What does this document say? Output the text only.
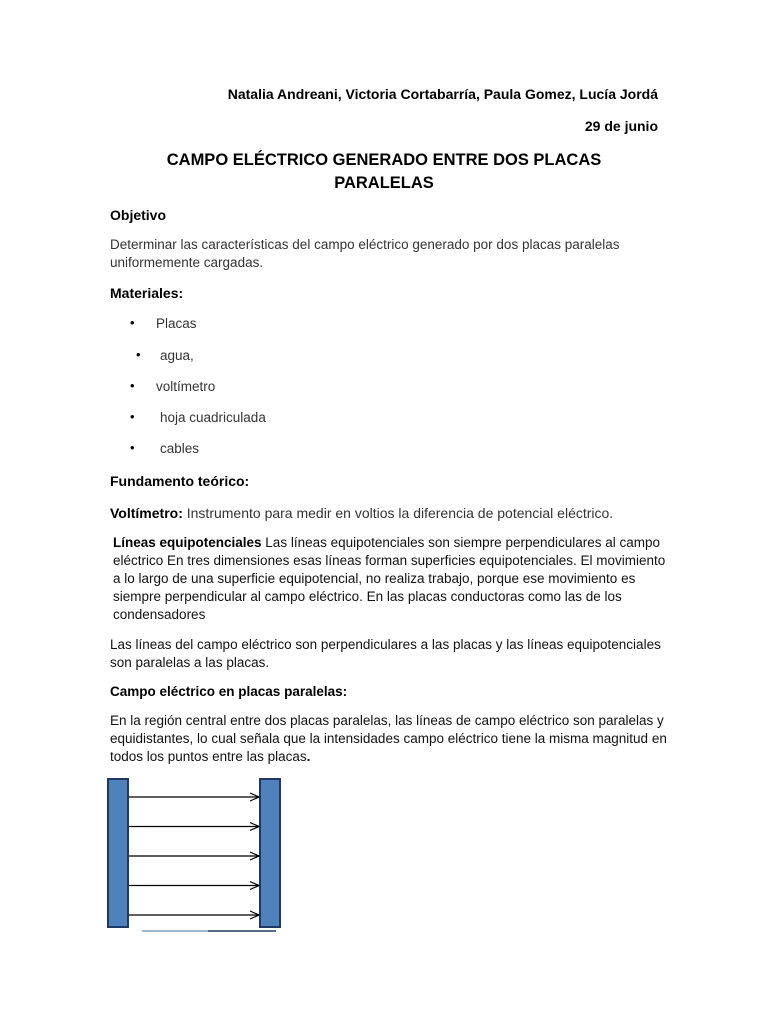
Natalia Andreani, Victoria Cortabarría, Paula Gomez, Lucía Jordá
29 de junio
CAMPO ELÉCTRICO GENERADO ENTRE DOS PLACAS
PARALELAS
Objetivo
Determinar las características del campo eléctrico generado por dos placas paralelas uniformemente cargadas.
Materiales:
• Placas
• agua,
• voltímetro
• hoja cuadriculada
• cables
Fundamento teórico:
Voltímetro: Instrumento para medir en voltios la diferencia de potencial eléctrico.
Líneas equipotenciales Las líneas equipotenciales son siempre perpendiculares al campo eléctrico En tres dimensiones esas líneas forman superficies equipotenciales. El movimiento a lo largo de una superficie equipotencial, no realiza trabajo, porque ese movimiento es siempre perpendicular al campo eléctrico. En las placas conductoras como las de los condensadores
Las líneas del campo eléctrico son perpendiculares a las placas y las líneas equipotenciales son paralelas a las placas.
Campo eléctrico en placas paralelas:
En la región central entre dos placas paralelas, las líneas de campo eléctrico son paralelas y equidistantes, lo cual señala que la intensidades campo eléctrico tiene la misma magnitud en todos los puntos entre las placas.
